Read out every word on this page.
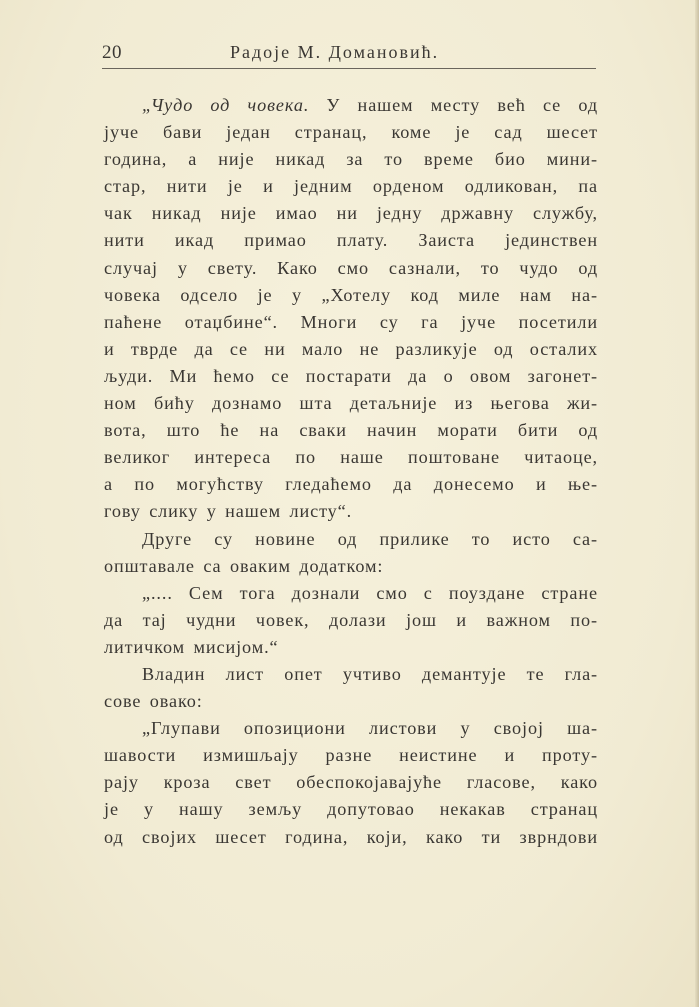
20	Радоје М. Домановић.
„Чудо од човека. У нашем месту већ се од
јуче бави један странац, коме је сад шесет
година, а није никад за то време био мини-
стар, нити је и једним орденом одликован, па
чак никад није имао ни једну државну службу,
нити икад примао плату. Заиста јединствен
случај у свету. Како смо сазнали, то чудо од
човека одсело је у „Хотелу код миле нам на-
паћене отаџбине“. Многи су га јуче посетили
и тврде да се ни мало не разликује од осталих
људи. Ми ћемо се постарати да о овом загонет-
ном бићу дознамо шта детаљније из његова жи-
вота, што ће на сваки начин морати бити од
великог интереса по наше поштоване читаоце,
а по могућству гледаћемо да донесемо и ње-
гову слику у нашем листу“.
Друге су новине од прилике то исто са-
општавале са оваким додатком:
„.... Сем тога дознали смо с поуздане стране
да тај чудни човек, долази још и важном по-
литичком мисијом.“
Владин лист опет учтиво демантује те гла-
сове овако:
„Глупави опозициони листови у својој ша-
шавости измишљају разне неистине и проту-
рају кроза свет обеспокојавајуће гласове, како
је у нашу земљу допутовао некакав странац
од својих шесет година, који, како ти зврндови
